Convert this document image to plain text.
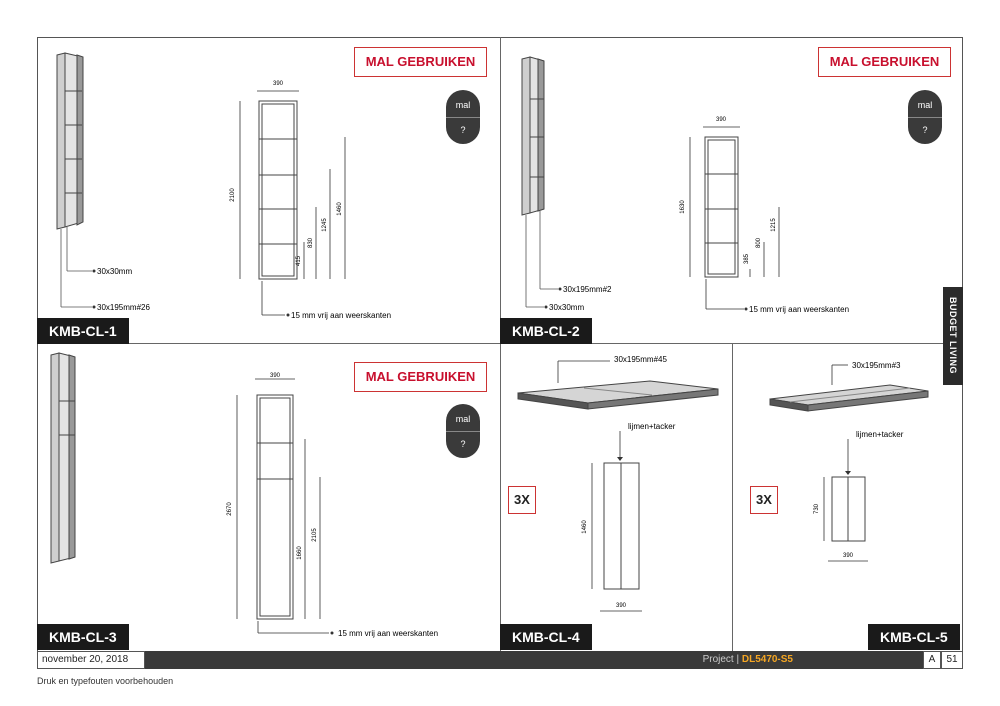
MAL GEBRUIKEN
mal
?
390
2100
1460
1245
830
415
30x30mm
30x195mm#26
15 mm vrij aan weerskanten
KMB-CL-1
MAL GEBRUIKEN
mal
?
390
1630
1215
800
385
30x195mm#2
30x30mm	15 mm vrij aan weerskanten
KMB-CL-2	BUDGET LIVING
MAL GEBRUIKEN
mal
?
390
2670
2105
1660
15 mm vrij aan weerskanten
KMB-CL-3
30x195mm#45
lijmen+tacker
1460
390
3X
KMB-CL-4
30x195mm#3
lijmen+tacker
730
390
3X
KMB-CL-5
november 20, 2018	Project | DL5470-S5	A	51
Druk en typefouten voorbehouden
